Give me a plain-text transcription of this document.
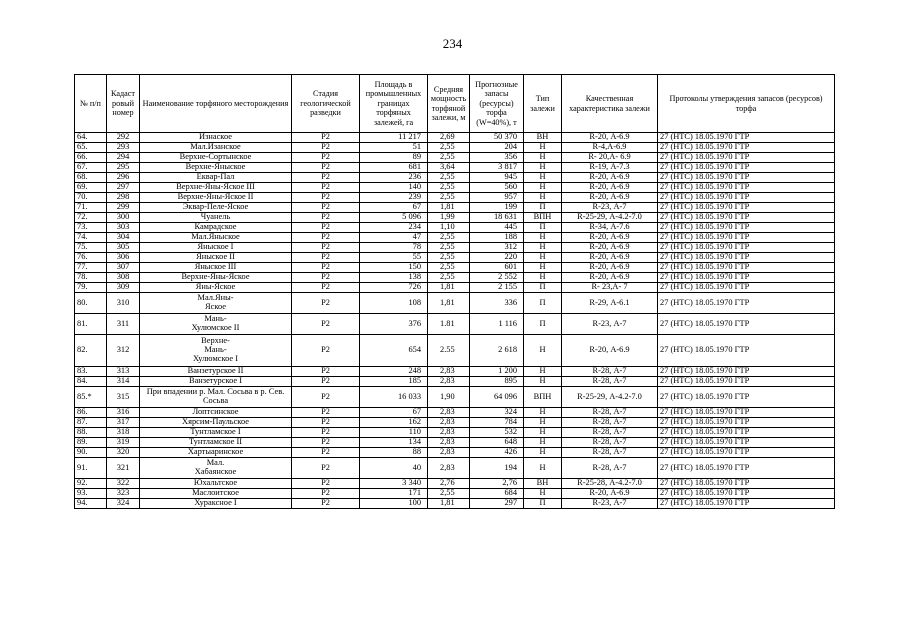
234
№ п/п	Кадаст ровый номер	Наименование торфяного месторождения	Стадия геологической разведки	Площадь в промышленных границах торфяных залежей, га	Средняя мощность торфяной залежи, м	Прогнозные запасы (ресурсы) торфа (W=40%), т	Тип залежи	Качественная характеристика залежи	Протоколы утверждения запасов (ресурсов) торфа
64.	292	Изнаское	Р2	11 217	2,69	50 370	ВН	R-20, А-6.9	27 (НТС) 18.05.1970 ГТР
65.	293	Мал.Изанское	Р2	51	2,55	204	Н	R-4,А-6.9	27 (НТС) 18.05.1970 ГТР
66.	294	Верхне-Сортынское	Р2	89	2,55	356	Н	R- 20,А- 6.9	27 (НТС) 18.05.1970 ГТР
67.	295	Верхне-Яныское	Р2	681	3,64	3 817	Н	R-19, А-7.3	27 (НТС) 18.05.1970 ГТР
68.	296	Еквар-Пал	Р2	236	2,55	945	Н	R-20, А-6.9	27 (НТС) 18.05.1970 ГТР
69.	297	Верхне-Яны-Яское III	Р2	140	2,55	560	Н	R-20, А-6.9	27 (НТС) 18.05.1970 ГТР
70.	298	Верхне-Яны-Яское II	Р2	239	2,55	957	Н	R-20, А-6.9	27 (НТС) 18.05.1970 ГТР
71.	299	Эквар-Пеле-Яское	Р2	67	1,81	199	П	R-23, А-7	27 (НТС) 18.05.1970 ГТР
72.	300	Чуанель	Р2	5 096	1,99	18 631	ВПН	R-25-29, А-4.2-7.0	27 (НТС) 18.05.1970 ГТР
73.	303	Камрадское	Р2	234	1,10	445	П	R-34, А-7.6	27 (НТС) 18.05.1970 ГТР
74.	304	Мал.Яныское	Р2	47	2,55	188	Н	R-20, А-6.9	27 (НТС) 18.05.1970 ГТР
75.	305	Яныское I	Р2	78	2,55	312	Н	R-20, А-6.9	27 (НТС) 18.05.1970 ГТР
76.	306	Яныское II	Р2	55	2,55	220	Н	R-20, А-6.9	27 (НТС) 18.05.1970 ГТР
77.	307	Яныское III	Р2	150	2,55	601	Н	R-20, А-6.9	27 (НТС) 18.05.1970 ГТР
78.	308	Верхне-Яны-Яское	Р2	138	2,55	2 552	Н	R-20, А-6.9	27 (НТС) 18.05.1970 ГТР
79.	309	Яны-Яское	Р2	726	1,81	2 155	П	R- 23,А- 7	27 (НТС) 18.05.1970 ГТР
80.	310	Мал.Яны-
Яское	Р2	108	1,81	336	П	R-29, А-6.1	27 (НТС) 18.05.1970 ГТР
81.	311	Мань-
Хулюмское II	Р2	376	1.81	1 116	П	R-23, А-7	27 (НТС) 18.05.1970 ГТР
82.	312	Верхне-
Мань-
Хулюмское I	Р2	654	2.55	2 618	Н	R-20, А-6.9	27 (НТС) 18.05.1970 ГТР
83.	313	Ванзетурское II	Р2	248	2,83	1 200	Н	R-28, А-7	27 (НТС) 18.05.1970 ГТР
84.	314	Ванзетурское I	Р2	185	2,83	895	Н	R-28, А-7	27 (НТС) 18.05.1970 ГТР
85.*	315	При впадении р. Мал. Сосьва в р. Сев. Сосьва	Р2	16 033	1,90	64 096	ВПН	R-25-29, А-4.2-7.0	27 (НТС) 18.05.1970 ГТР
86.	316	Лоптсинское	Р2	67	2,83	324	Н	R-28, А-7	27 (НТС) 18.05.1970 ГТР
87.	317	Хярсим-Паульское	Р2	162	2,83	784	Н	R-28, А-7	27 (НТС) 18.05.1970 ГТР
88.	318	Тунтламское I	Р2	110	2,83	532	Н	R-28, А-7	27 (НТС) 18.05.1970 ГТР
89.	319	Тунтламское II	Р2	134	2,83	648	Н	R-28, А-7	27 (НТС) 18.05.1970 ГТР
90.	320	Хартыаринское	Р2	88	2,83	426	Н	R-28, А-7	27 (НТС) 18.05.1970 ГТР
91.	321	Мал.
Хабаянское	Р2	40	2,83	194	Н	R-28, А-7	27 (НТС) 18.05.1970 ГТР
92.	322	Юхальтское	Р2	3 340	2,76	2,76	ВН	R-25-28, А-4.2-7.0	27 (НТС) 18.05.1970 ГТР
93.	323	Маслоитское	Р2	171	2,55	684	Н	R-20, А-6.9	27 (НТС) 18.05.1970 ГТР
94.	324	Хураксное I	Р2	100	1,81	297	П	R-23, А-7	27 (НТС) 18.05.1970 ГТР
